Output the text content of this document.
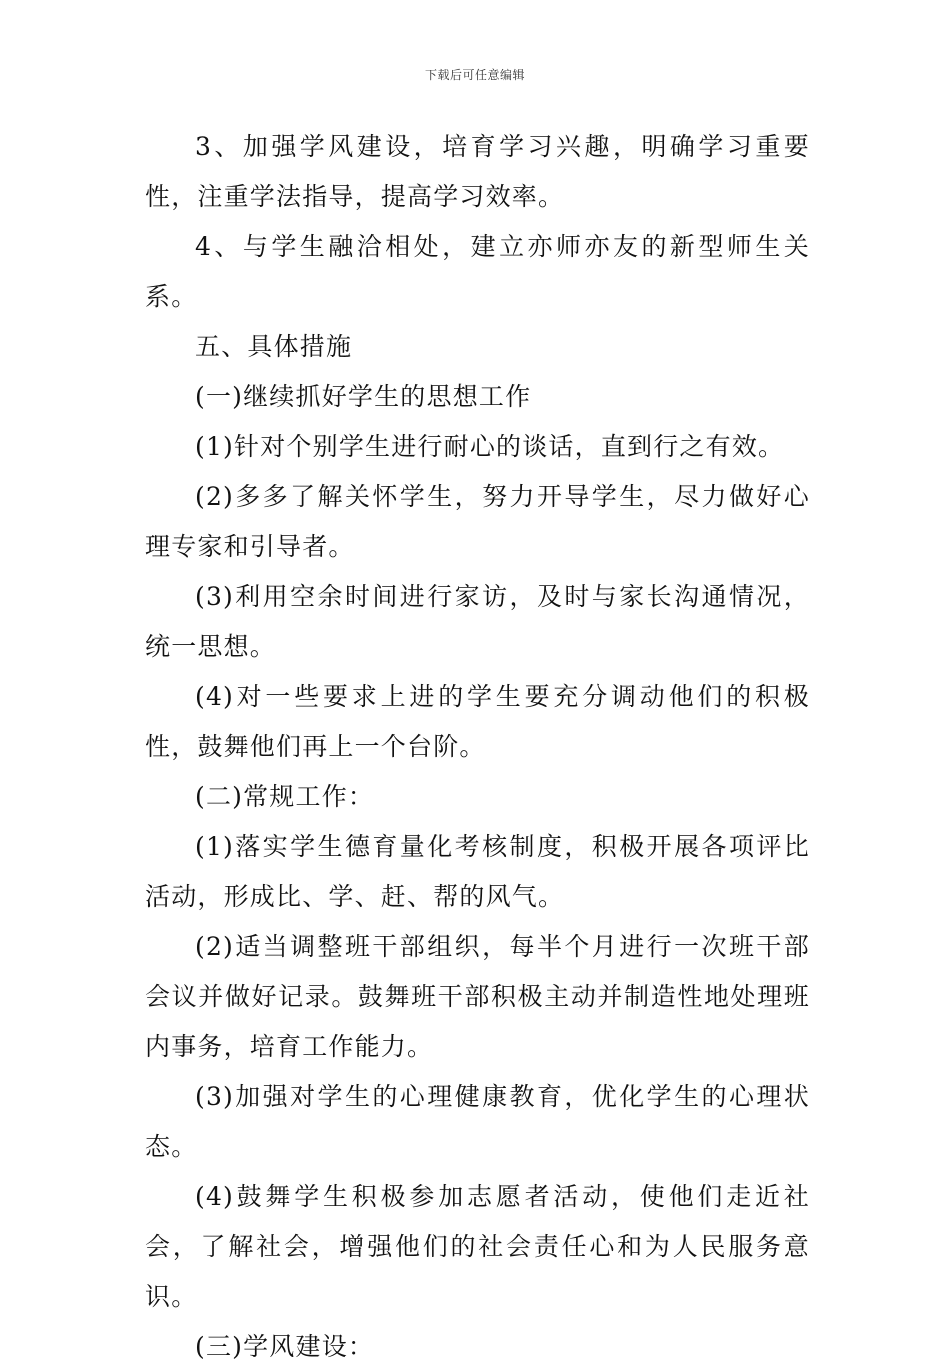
下载后可任意编辑

3、加强学风建设，培育学习兴趣，明确学习重要性，注重学法指导，提高学习效率。

4、与学生融洽相处，建立亦师亦友的新型师生关系。

五、具体措施

(一)继续抓好学生的思想工作

(1)针对个别学生进行耐心的谈话，直到行之有效。

(2)多多了解关怀学生，努力开导学生，尽力做好心理专家和引导者。

(3)利用空余时间进行家访，及时与家长沟通情况，统一思想。

(4)对一些要求上进的学生要充分调动他们的积极性，鼓舞他们再上一个台阶。

(二)常规工作：

(1)落实学生德育量化考核制度，积极开展各项评比活动，形成比、学、赶、帮的风气。

(2)适当调整班干部组织，每半个月进行一次班干部会议并做好记录。鼓舞班干部积极主动并制造性地处理班内事务，培育工作能力。

(3)加强对学生的心理健康教育，优化学生的心理状态。

(4)鼓舞学生积极参加志愿者活动，使他们走近社会，了解社会，增强他们的社会责任心和为人民服务意识。

(三)学风建设：
